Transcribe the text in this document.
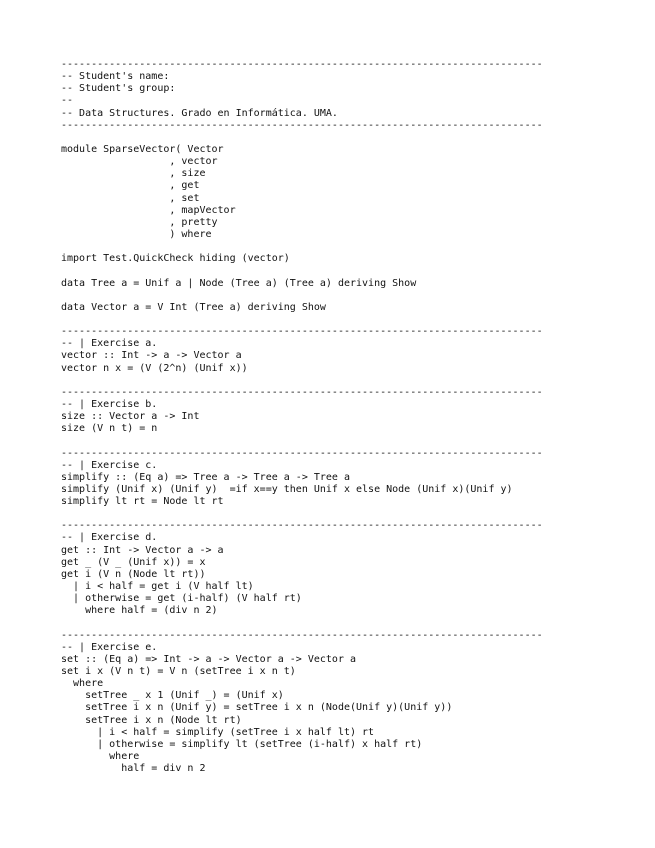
--------------------------------------------------------------------------------
-- Student's name:
-- Student's group:
--
-- Data Structures. Grado en Informática. UMA.
--------------------------------------------------------------------------------
module SparseVector( Vector
, vector
, size
, get
, set
, mapVector
, pretty
) where
import Test.QuickCheck hiding (vector)
data Tree a = Unif a | Node (Tree a) (Tree a) deriving Show
data Vector a = V Int (Tree a) deriving Show
--------------------------------------------------------------------------------
-- | Exercise a.
vector :: Int -> a -> Vector a
vector n x = (V (2^n) (Unif x))
--------------------------------------------------------------------------------
-- | Exercise b.
size :: Vector a -> Int
size (V n t) = n
--------------------------------------------------------------------------------
-- | Exercise c.
simplify :: (Eq a) => Tree a -> Tree a -> Tree a
simplify (Unif x) (Unif y)  =if x==y then Unif x else Node (Unif x)(Unif y)
simplify lt rt = Node lt rt
--------------------------------------------------------------------------------
-- | Exercise d.
get :: Int -> Vector a -> a
get _ (V _ (Unif x)) = x
get i (V n (Node lt rt))
| i < half = get i (V half lt)
| otherwise = get (i-half) (V half rt)
where half = (div n 2)
--------------------------------------------------------------------------------
-- | Exercise e.
set :: (Eq a) => Int -> a -> Vector a -> Vector a
set i x (V n t) = V n (setTree i x n t)
where
setTree _ x 1 (Unif _) = (Unif x)
setTree i x n (Unif y) = setTree i x n (Node(Unif y)(Unif y))
setTree i x n (Node lt rt)
| i < half = simplify (setTree i x half lt) rt
| otherwise = simplify lt (setTree (i-half) x half rt)
where
half = div n 2
